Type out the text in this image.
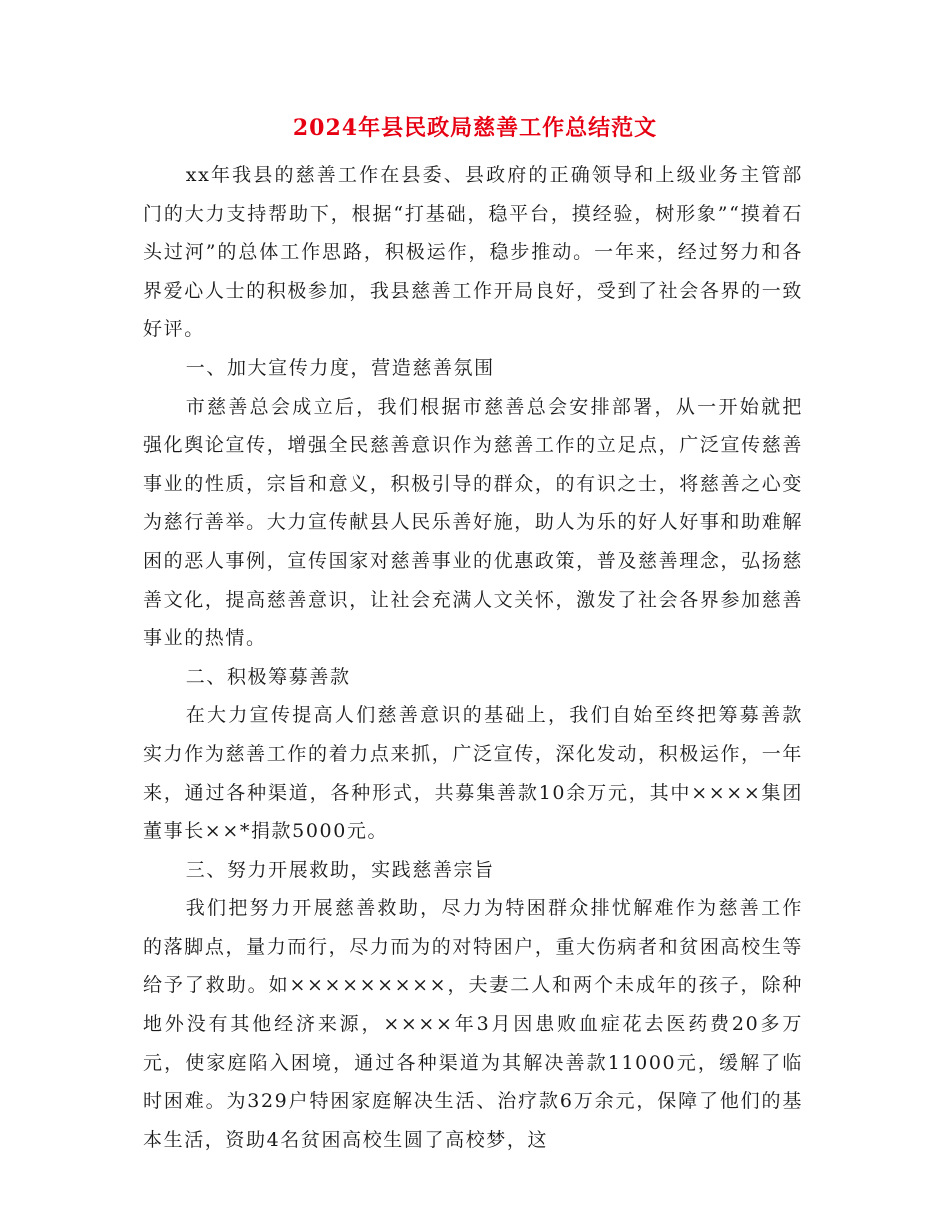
2024年县民政局慈善工作总结范文

xx年我县的慈善工作在县委、县政府的正确领导和上级业务主管部门的大力支持帮助下，根据“打基础，稳平台，摸经验，树形象”“摸着石头过河”的总体工作思路，积极运作，稳步推动。一年来，经过努力和各界爱心人士的积极参加，我县慈善工作开局良好，受到了社会各界的一致好评。

一、加大宣传力度，营造慈善氛围

市慈善总会成立后，我们根据市慈善总会安排部署，从一开始就把强化舆论宣传，增强全民慈善意识作为慈善工作的立足点，广泛宣传慈善事业的性质，宗旨和意义，积极引导的群众，的有识之士，将慈善之心变为慈行善举。大力宣传献县人民乐善好施，助人为乐的好人好事和助难解困的恶人事例，宣传国家对慈善事业的优惠政策，普及慈善理念，弘扬慈善文化，提高慈善意识，让社会充满人文关怀，激发了社会各界参加慈善事业的热情。

二、积极筹募善款

在大力宣传提高人们慈善意识的基础上，我们自始至终把筹募善款实力作为慈善工作的着力点来抓，广泛宣传，深化发动，积极运作，一年来，通过各种渠道，各种形式，共募集善款10余万元，其中××××集团董事长××*捐款5000元。

三、努力开展救助，实践慈善宗旨

我们把努力开展慈善救助，尽力为特困群众排忧解难作为慈善工作的落脚点，量力而行，尽力而为的对特困户，重大伤病者和贫困高校生等给予了救助。如×××××××××，夫妻二人和两个未成年的孩子，除种地外没有其他经济来源，××××年3月因患败血症花去医药费20多万元，使家庭陷入困境，通过各种渠道为其解决善款11000元，缓解了临时困难。为329户特困家庭解决生活、治疗款6万余元，保障了他们的基本生活，资助4名贫困高校生圆了高校梦，这
